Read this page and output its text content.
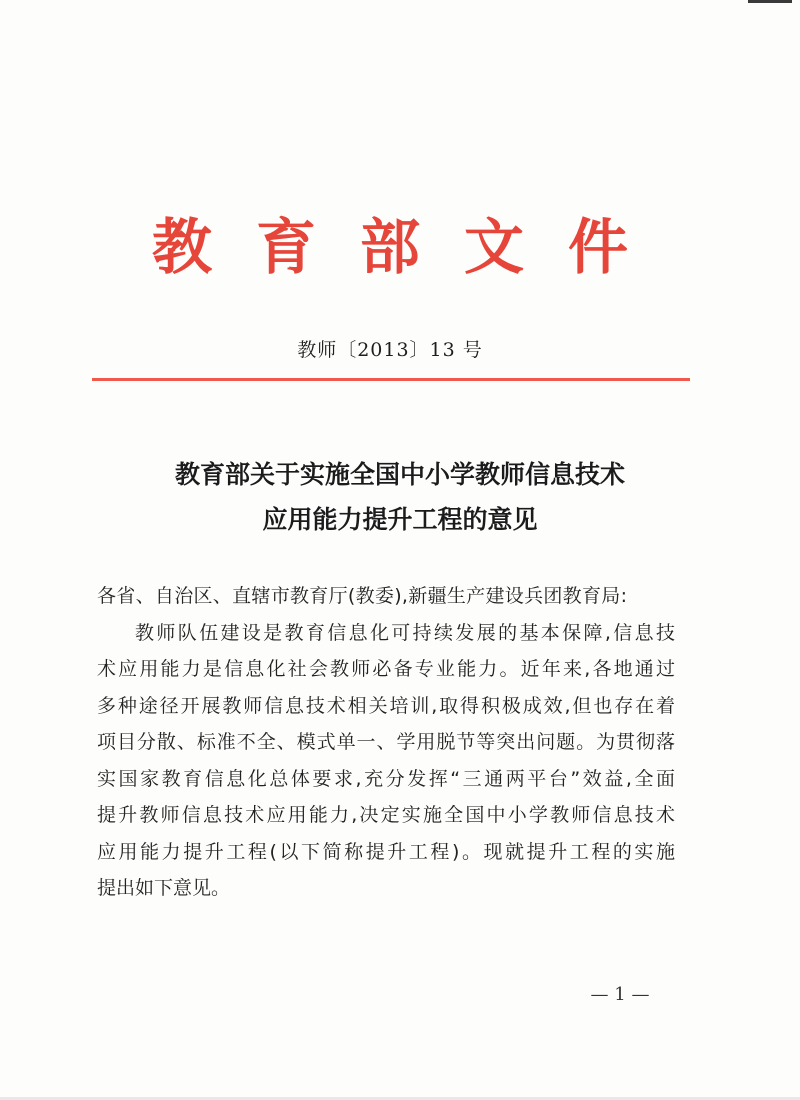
教 育 部 文 件
教师〔2013〕13 号
教育部关于实施全国中小学教师信息技术
应用能力提升工程的意见
各省、自治区、直辖市教育厅(教委),新疆生产建设兵团教育局:
教师队伍建设是教育信息化可持续发展的基本保障,信息技
术应用能力是信息化社会教师必备专业能力。近年来,各地通过
多种途径开展教师信息技术相关培训,取得积极成效,但也存在着
项目分散、标准不全、模式单一、学用脱节等突出问题。为贯彻落
实国家教育信息化总体要求,充分发挥“三通两平台”效益,全面
提升教师信息技术应用能力,决定实施全国中小学教师信息技术
应用能力提升工程(以下简称提升工程)。现就提升工程的实施
提出如下意见。
— 1 —
